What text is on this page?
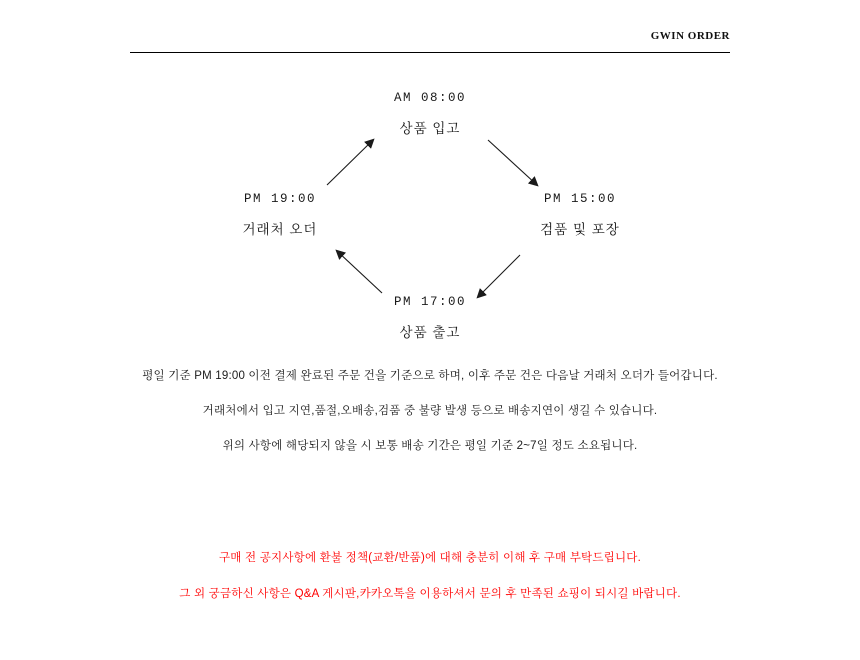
GWIN ORDER
AM 08:00
상품 입고
PM 15:00
검품 및 포장
PM 17:00
상품 출고
PM 19:00
거래처 오더
평일 기준 PM 19:00 이전 결제 완료된 주문 건을 기준으로 하며, 이후 주문 건은 다음날 거래처 오더가 들어갑니다.
거래처에서 입고 지연,품절,오배송,검품 중 불량 발생 등으로 배송지연이 생길 수 있습니다.
위의 사항에 해당되지 않을 시 보통 배송 기간은 평일 기준 2~7일 정도 소요됩니다.
구매 전 공지사항에 환불 정책(교환/반품)에 대해 충분히 이해 후 구매 부탁드립니다.
그 외 궁금하신 사항은 Q&A 게시판,카카오톡을 이용하셔서 문의 후 만족된 쇼핑이 되시길 바랍니다.
